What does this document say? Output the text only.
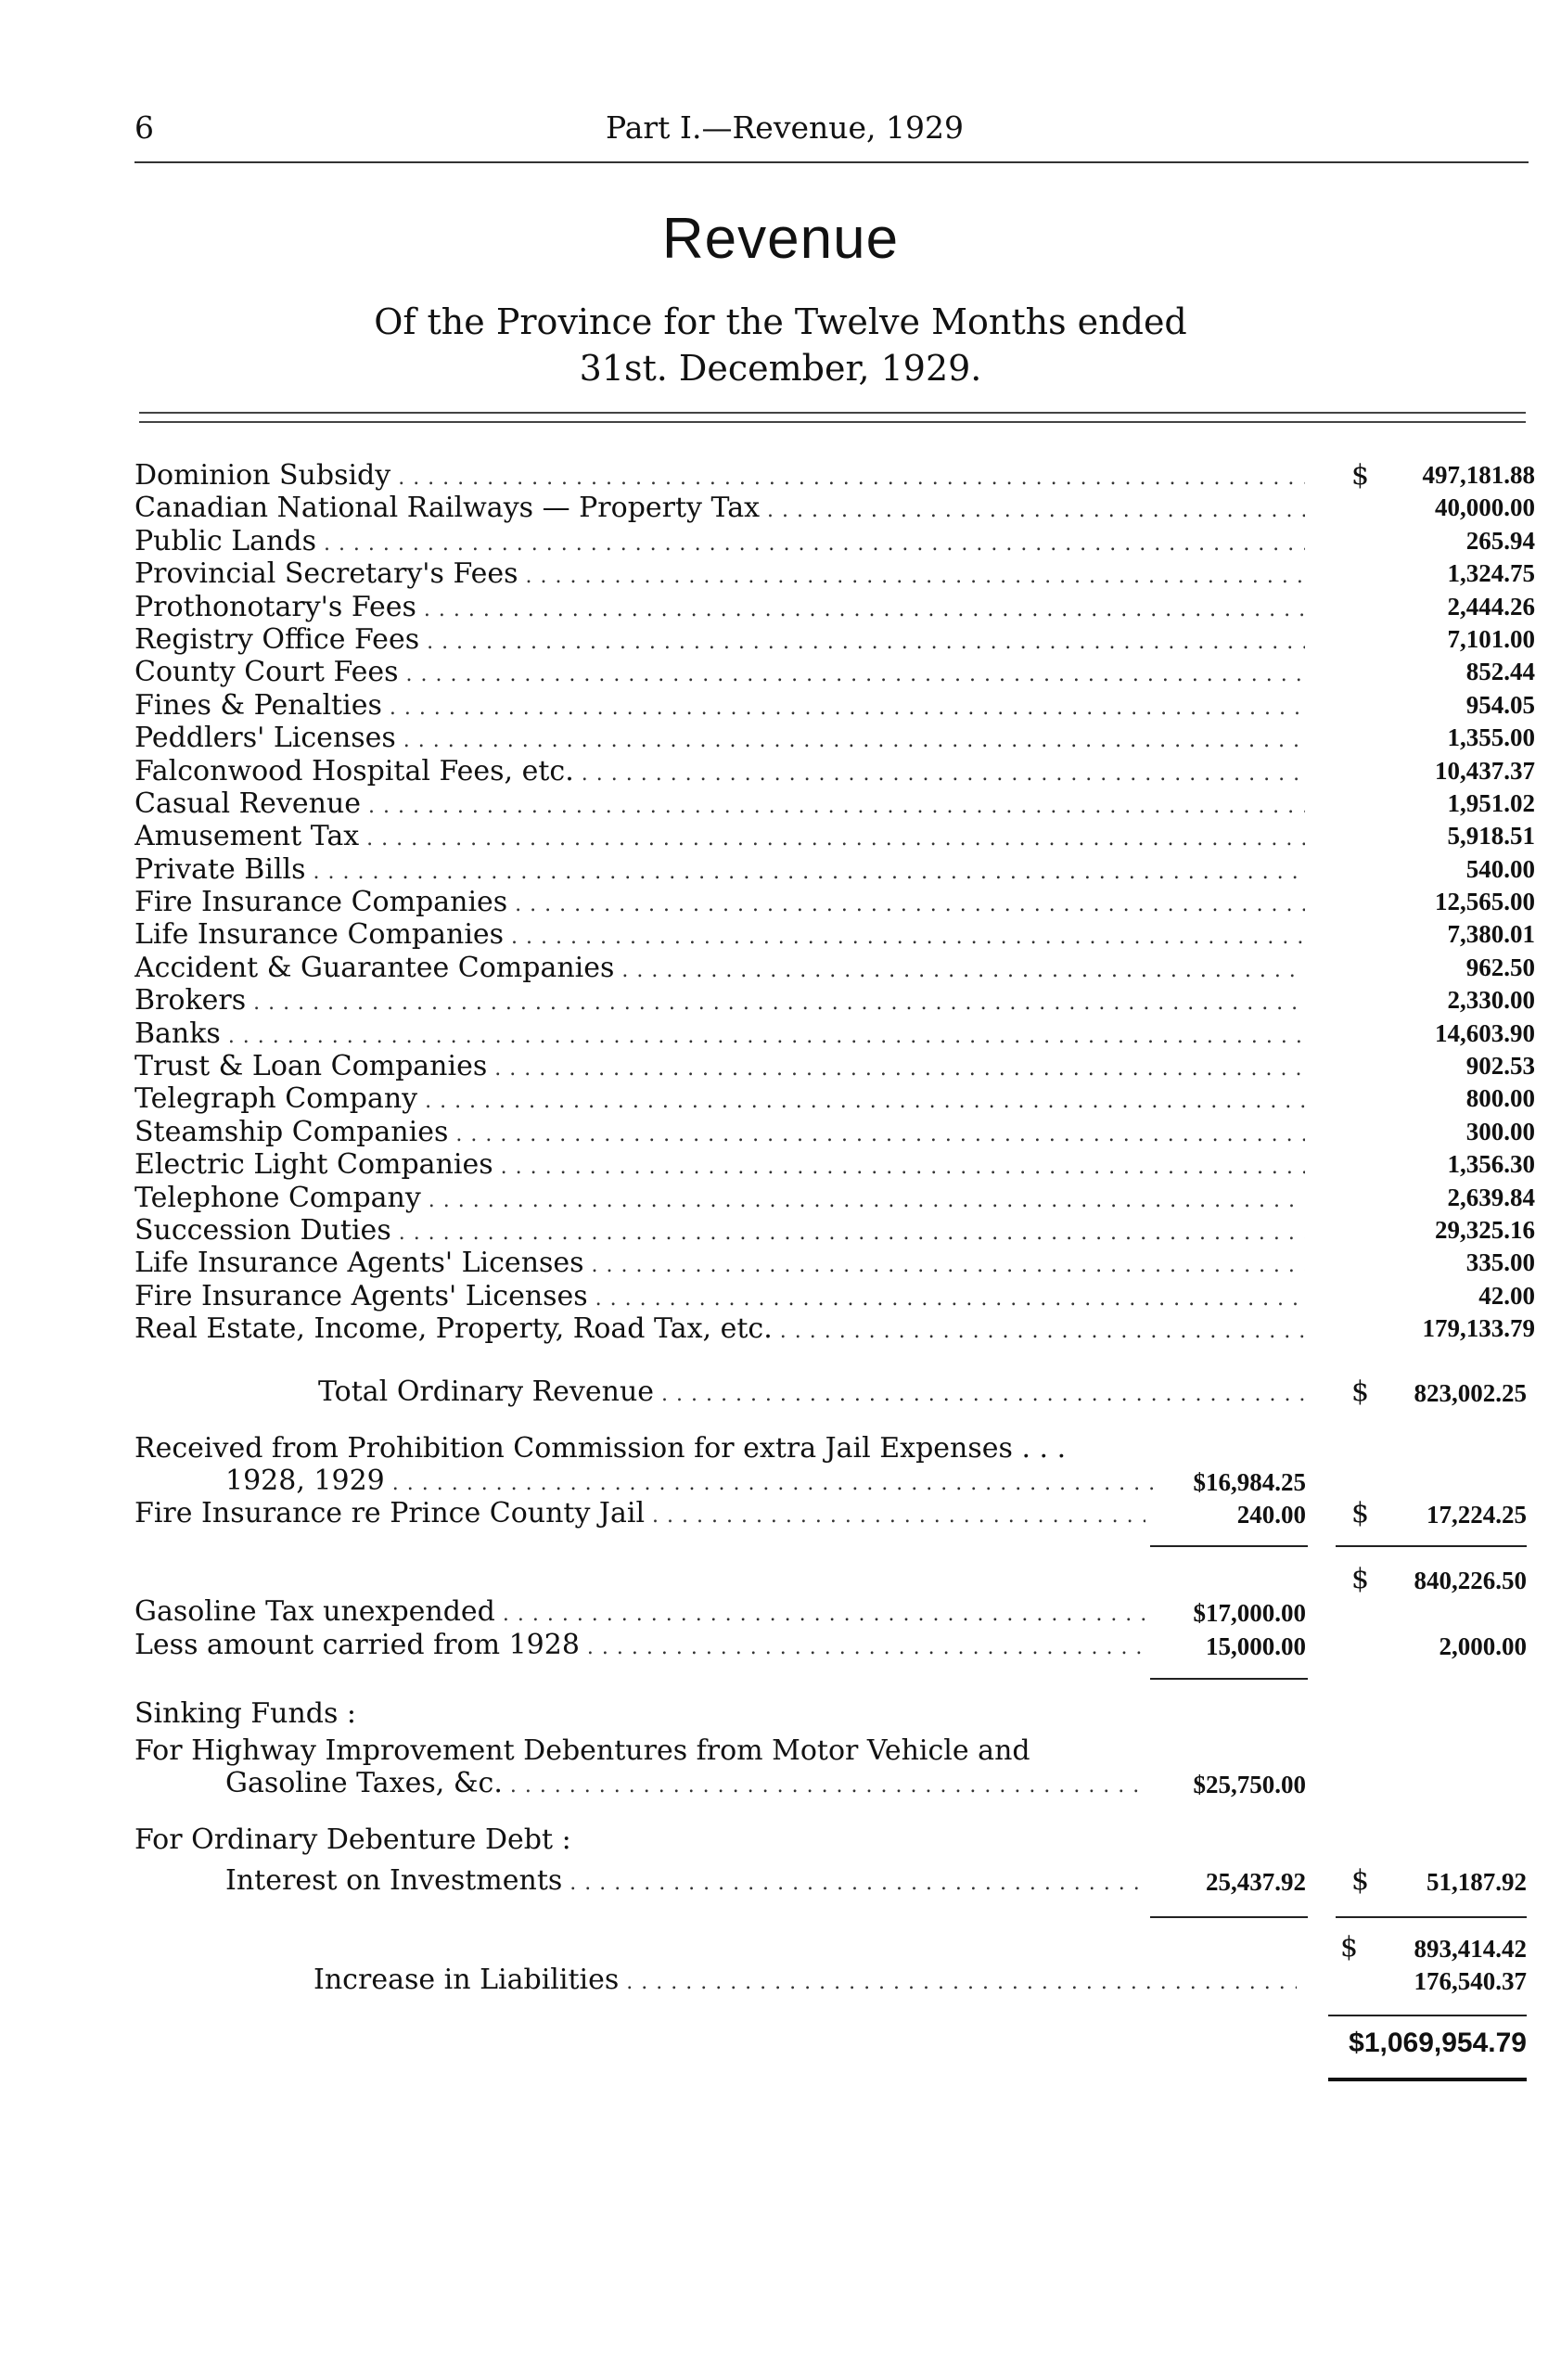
6	Part I.—Revenue, 1929
Revenue
Of the Province for the Twelve Months ended
31st. December, 1929.
Dominion Subsidy . . .	$ 497,181.88
Canadian National Railways — Property Tax . . .	40,000.00
Public Lands . . .	265.94
Provincial Secretary's Fees . . .	1,324.75
Prothonotary's Fees . . .	2,444.26
Registry Office Fees . . .	7,101.00
County Court Fees . . .	852.44
Fines & Penalties . . .	954.05
Peddlers' Licenses . . .	1,355.00
Falconwood Hospital Fees, etc. . . .	10,437.37
Casual Revenue . . .	1,951.02
Amusement Tax . . .	5,918.51
Private Bills . . .	540.00
Fire Insurance Companies . . .	12,565.00
Life Insurance Companies . . .	7,380.01
Accident & Guarantee Companies . . .	962.50
Brokers . . .	2,330.00
Banks . . .	14,603.90
Trust & Loan Companies . . .	902.53
Telegraph Company . . .	800.00
Steamship Companies . . .	300.00
Electric Light Companies . . .	1,356.30
Telephone Company . . .	2,639.84
Succession Duties . . .	29,325.16
Life Insurance Agents' Licenses . . .	335.00
Fire Insurance Agents' Licenses . . .	42.00
Real Estate, Income, Property, Road Tax, etc. . . .	179,133.79
Total Ordinary Revenue . . .	$	823,002.25
Received from Prohibition Commission for extra Jail Expenses . . .
1928, 1929 . . .	$16,984.25
Fire Insurance re Prince County Jail . . .	240.00 $	17,224.25
$	840,226.50
Gasoline Tax unexpended . . .	$17,000.00
Less amount carried from 1928 . . .	15,000.00	2,000.00
Sinking Funds :
For Highway Improvement Debentures from Motor Vehicle and
Gasoline Taxes, &c. . . .	$25,750.00
For Ordinary Debenture Debt :
Interest on Investments . . .	25,437.92 $	51,187.92
$	893,414.42
Increase in Liabilities . . .	176,540.37
$1,069,954.79
